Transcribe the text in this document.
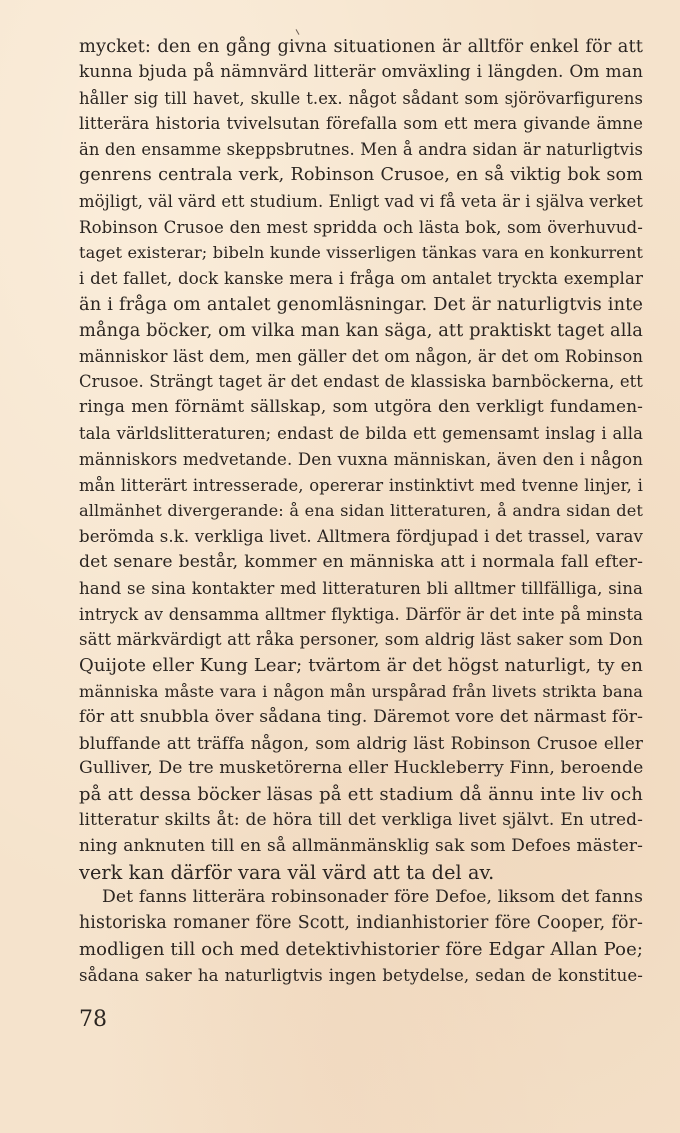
mycket: den en gång givna situationen är alltför enkel för att
kunna bjuda på nämnvärd litterär omväxling i längden. Om man
håller sig till havet, skulle t.ex. något sådant som sjörövarfigurens
litterära historia tvivelsutan förefalla som ett mera givande ämne
än den ensamme skeppsbrutnes. Men å andra sidan är naturligtvis
genrens centrala verk, Robinson Crusoe, en så viktig bok som
möjligt, väl värd ett studium. Enligt vad vi få veta är i själva verket
Robinson Crusoe den mest spridda och lästa bok, som överhuvud-
taget existerar; bibeln kunde visserligen tänkas vara en konkurrent
i det fallet, dock kanske mera i fråga om antalet tryckta exemplar
än i fråga om antalet genomläsningar. Det är naturligtvis inte
många böcker, om vilka man kan säga, att praktiskt taget alla
människor läst dem, men gäller det om någon, är det om Robinson
Crusoe. Strängt taget är det endast de klassiska barnböckerna, ett
ringa men förnämt sällskap, som utgöra den verkligt fundamen-
tala världslitteraturen; endast de bilda ett gemensamt inslag i alla
människors medvetande. Den vuxna människan, även den i någon
mån litterärt intresserade, opererar instinktivt med tvenne linjer, i
allmänhet divergerande: å ena sidan litteraturen, å andra sidan det
berömda s.k. verkliga livet. Alltmera fördjupad i det trassel, varav
det senare består, kommer en människa att i normala fall efter-
hand se sina kontakter med litteraturen bli alltmer tillfälliga, sina
intryck av densamma alltmer flyktiga. Därför är det inte på minsta
sätt märkvärdigt att råka personer, som aldrig läst saker som Don
Quijote eller Kung Lear; tvärtom är det högst naturligt, ty en
människa måste vara i någon mån urspårad från livets strikta bana
för att snubbla över sådana ting. Däremot vore det närmast för-
bluffande att träffa någon, som aldrig läst Robinson Crusoe eller
Gulliver, De tre musketörerna eller Huckleberry Finn, beroende
på att dessa böcker läsas på ett stadium då ännu inte liv och
litteratur skilts åt: de höra till det verkliga livet självt. En utred-
ning anknuten till en så allmänmänsklig sak som Defoes mäster-
verk kan därför vara väl värd att ta del av.
Det fanns litterära robinsonader före Defoe, liksom det fanns
historiska romaner före Scott, indianhistorier före Cooper, för-
modligen till och med detektivhistorier före Edgar Allan Poe;
sådana saker ha naturligtvis ingen betydelse, sedan de konstitue-
78
